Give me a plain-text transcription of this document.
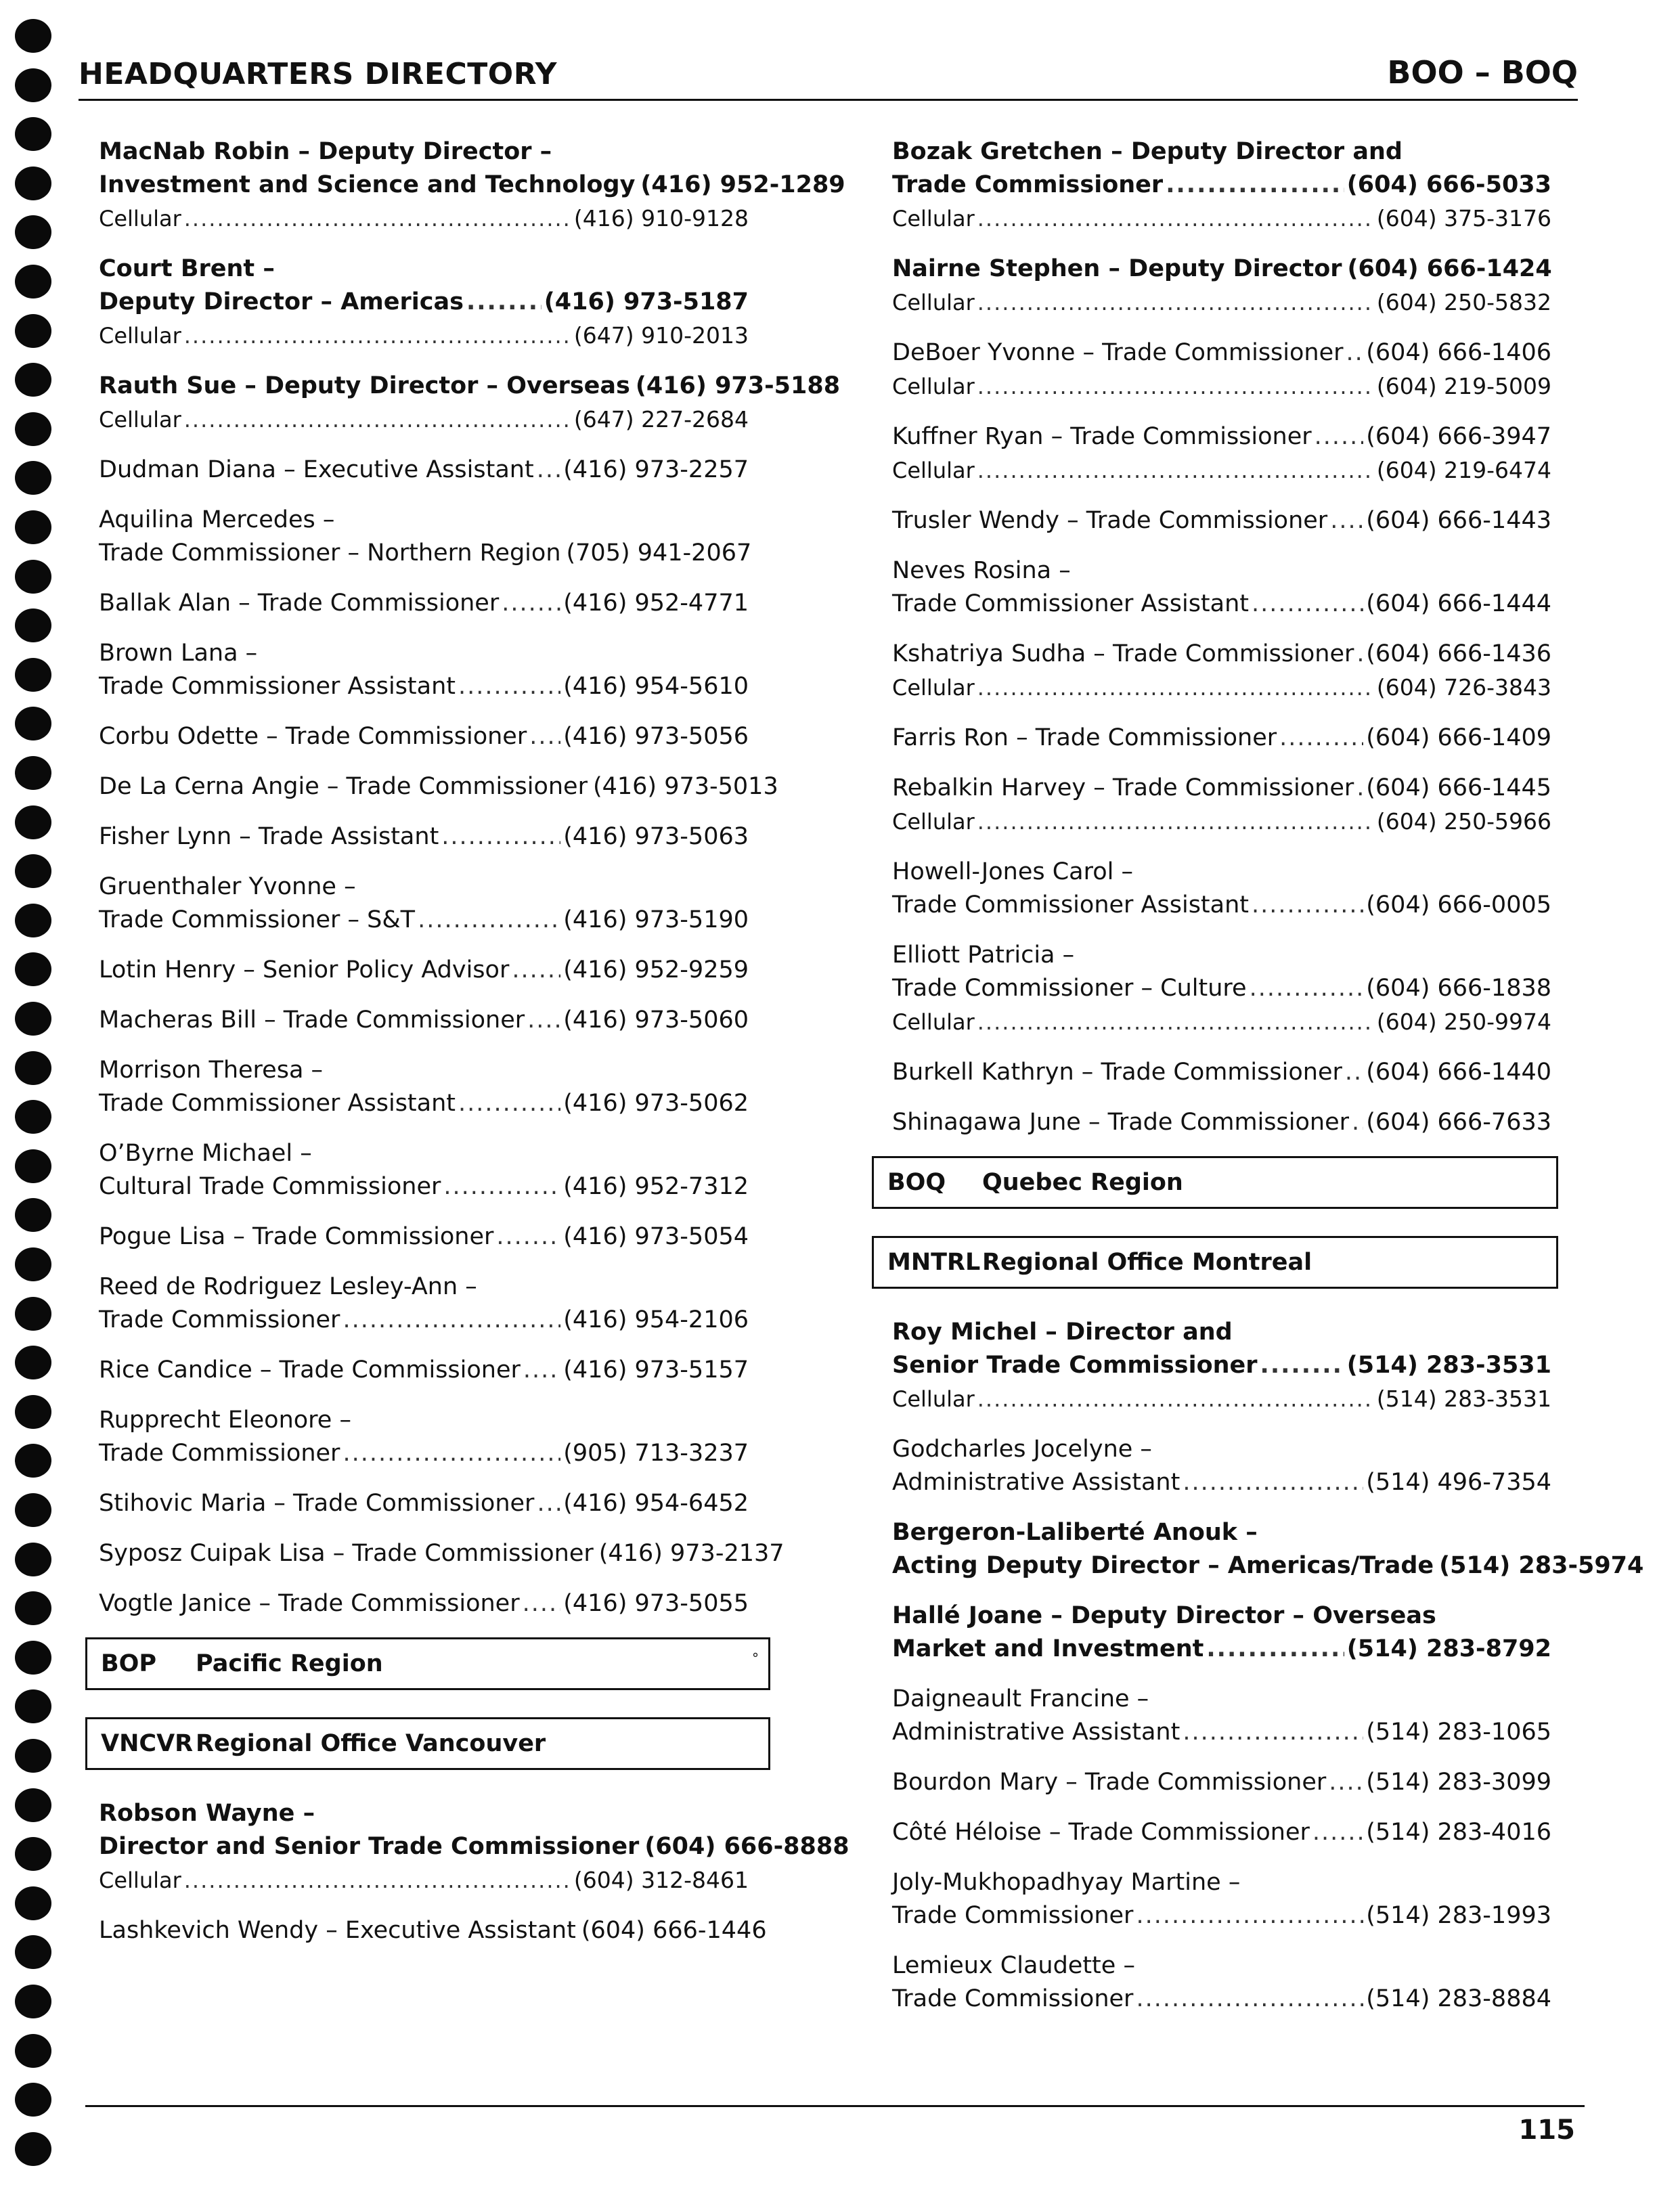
HEADQUARTERS DIRECTORY	BOO – BOQ
MacNab Robin – Deputy Director –
Investment and Science and Technology (416) 952-1289
Cellular .....	(416) 910-9128
Court Brent –
Deputy Director – Americas .....	(416) 973-5187
Cellular .....	(647) 910-2013
Rauth Sue – Deputy Director – Overseas (416) 973-5188
Cellular .....	(647) 227-2684
Dudman Diana – Executive Assistant ..... (416) 973-2257
Aquilina Mercedes –
Trade Commissioner – Northern Region (705) 941-2067
Ballak Alan – Trade Commissioner .....	(416) 952-4771
Brown Lana –
Trade Commissioner Assistant .....	(416) 954-5610
Corbu Odette – Trade Commissioner ..... (416) 973-5056
De La Cerna Angie – Trade Commissioner (416) 973-5013
Fisher Lynn – Trade Assistant .....	(416) 973-5063
Gruenthaler Yvonne –
Trade Commissioner – S&T .....	(416) 973-5190
Lotin Henry – Senior Policy Advisor ..... (416) 952-9259
Macheras Bill – Trade Commissioner ..... (416) 973-5060
Morrison Theresa –
Trade Commissioner Assistant .....	(416) 973-5062
O’Byrne Michael –
Cultural Trade Commissioner .....	(416) 952-7312
Pogue Lisa – Trade Commissioner .....	(416) 973-5054
Reed de Rodriguez Lesley-Ann –
Trade Commissioner .....	(416) 954-2106
Rice Candice – Trade Commissioner ..... (416) 973-5157
Rupprecht Eleonore –
Trade Commissioner .....	(905) 713-3237
Stihovic Maria – Trade Commissioner ..... (416) 954-6452
Syposz Cuipak Lisa – Trade Commissioner (416) 973-2137
Vogtle Janice – Trade Commissioner ..... (416) 973-5055
BOP	Pacific Region	°
VNCVR Regional Office Vancouver
Robson Wayne –
Director and Senior Trade Commissioner (604) 666-8888
Cellular .....	(604) 312-8461
Lashkevich Wendy – Executive Assistant (604) 666-1446
Bozak Gretchen – Deputy Director and
Trade Commissioner .....	(604) 666-5033
Cellular .....	(604) 375-3176
Nairne Stephen – Deputy Director (604) 666-1424
Cellular .....	(604) 250-5832
DeBoer Yvonne – Trade Commissioner ..... (604) 666-1406
Cellular .....	(604) 219-5009
Kuffner Ryan – Trade Commissioner ..... (604) 666-3947
Cellular .....	(604) 219-6474
Trusler Wendy – Trade Commissioner ..... (604) 666-1443
Neves Rosina –
Trade Commissioner Assistant .....	(604) 666-1444
Kshatriya Sudha – Trade Commissioner ..... (604) 666-1436
Cellular .....	(604) 726-3843
Farris Ron – Trade Commissioner .....	(604) 666-1409
Rebalkin Harvey – Trade Commissioner ..... (604) 666-1445
Cellular .....	(604) 250-5966
Howell-Jones Carol –
Trade Commissioner Assistant .....	(604) 666-0005
Elliott Patricia –
Trade Commissioner – Culture .....	(604) 666-1838
Cellular .....	(604) 250-9974
Burkell Kathryn – Trade Commissioner ..... (604) 666-1440
Shinagawa June – Trade Commissioner ..... (604) 666-7633
BOQ	Quebec Region
MNTRL Regional Office Montreal
Roy Michel – Director and
Senior Trade Commissioner .....	(514) 283-3531
Cellular .....	(514) 283-3531
Godcharles Jocelyne –
Administrative Assistant .....	(514) 496-7354
Bergeron-Laliberté Anouk –
Acting Deputy Director – Americas/Trade (514) 283-5974
Hallé Joane – Deputy Director – Overseas
Market and Investment .....	(514) 283-8792
Daigneault Francine –
Administrative Assistant .....	(514) 283-1065
Bourdon Mary – Trade Commissioner ..... (514) 283-3099
Côté Héloise – Trade Commissioner ..... (514) 283-4016
Joly-Mukhopadhyay Martine –
Trade Commissioner .....	(514) 283-1993
Lemieux Claudette –
Trade Commissioner .....	(514) 283-8884
115
